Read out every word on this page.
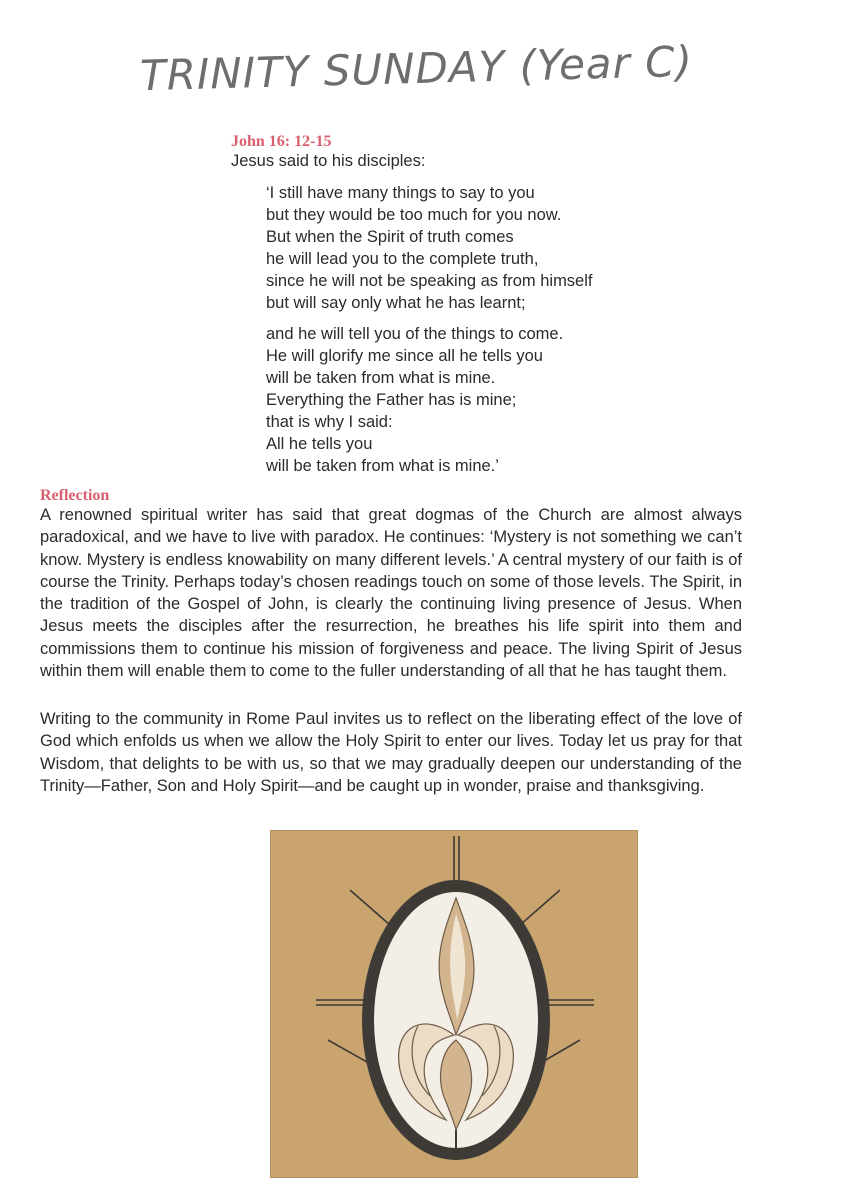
TRINITY SUNDAY (Year C)
John 16: 12-15
Jesus said to his disciples:
‘I still have many things to say to you
but they would be too much for you now.
But when the Spirit of truth comes
he will lead you to the complete truth,
since he will not be speaking as from himself
but will say only what he has learnt;
and he will tell you of the things to come.
He will glorify me since all he tells you
will be taken from what is mine.
Everything the Father has is mine;
that is why I said:
All he tells you
will be taken from what is mine.’
Reflection

A renowned spiritual writer has said that great dogmas of the Church are almost always paradoxical, and we have to live with paradox. He continues: ‘Mystery is not something we can’t know. Mystery is endless knowability on many different levels.’ A central mystery of our faith is of course the Trinity. Perhaps today’s chosen readings touch on some of those levels. The Spirit, in the tradition of the Gospel of John, is clearly the continuing living presence of Jesus. When Jesus meets the disciples after the resurrection, he breathes his life spirit into them and commissions them to continue his mission of forgiveness and peace. The living Spirit of Jesus within them will enable them to come to the fuller understanding of all that he has taught them.

Writing to the community in Rome Paul invites us to reflect on the liberating effect of the love of God which enfolds us when we allow the Holy Spirit to enter our lives. Today let us pray for that Wisdom, that delights to be with us, so that we may gradually deepen our understanding of the Trinity—Father, Son and Holy Spirit—and be caught up in wonder, praise and thanksgiving.
